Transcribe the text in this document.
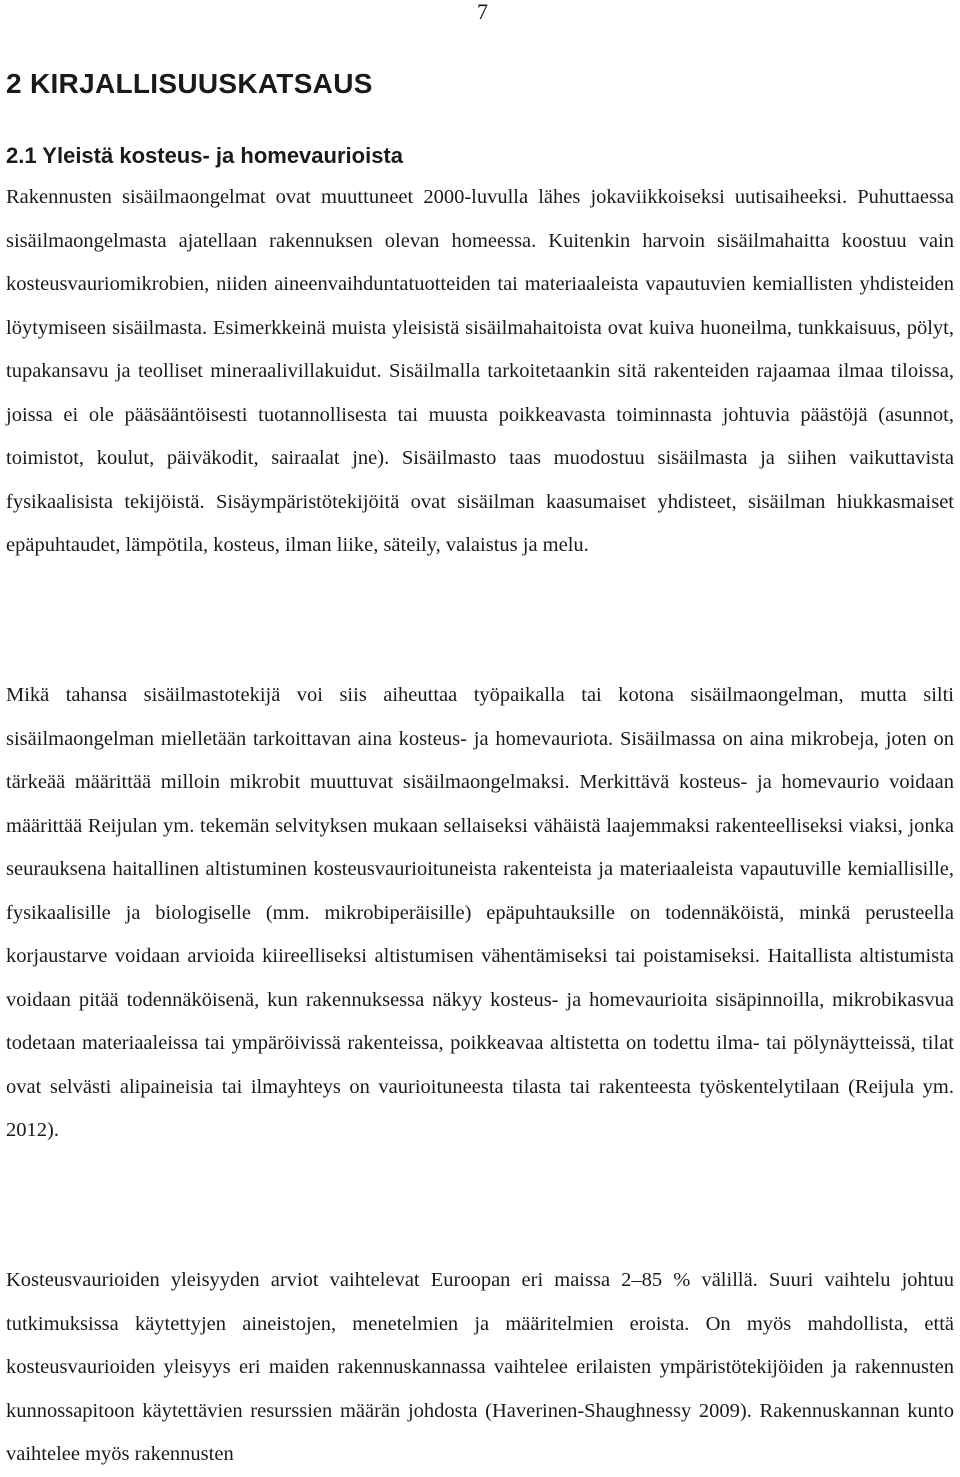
7
2 KIRJALLISUUSKATSAUS
2.1 Yleistä kosteus- ja homevaurioista

Rakennusten sisäilmaongelmat ovat muuttuneet 2000-luvulla lähes jokaviikkoiseksi uutisaiheeksi. Puhuttaessa sisäilmaongelmasta ajatellaan rakennuksen olevan homeessa. Kuitenkin harvoin sisäilmahaitta koostuu vain kosteusvauriomikrobien, niiden aineenvaihduntatuotteiden tai materiaaleista vapautuvien kemiallisten yhdisteiden löytymiseen sisäilmasta. Esimerkkeinä muista yleisistä sisäilmahaitoista ovat kuiva huoneilma, tunkkaisuus, pölyt, tupakansavu ja teolliset mineraalivillakuidut. Sisäilmalla tarkoitetaankin sitä rakenteiden rajaamaa ilmaa tiloissa, joissa ei ole pääsääntöisesti tuotannollisesta tai muusta poikkeavasta toiminnasta johtuvia päästöjä (asunnot, toimistot, koulut, päiväkodit, sairaalat jne). Sisäilmasto taas muodostuu sisäilmasta ja siihen vaikuttavista fysikaalisista tekijöistä. Sisäympäristötekijöitä ovat sisäilman kaasumaiset yhdisteet, sisäilman hiukkasmaiset epäpuhtaudet, lämpötila, kosteus, ilman liike, säteily, valaistus ja melu.

Mikä tahansa sisäilmastotekijä voi siis aiheuttaa työpaikalla tai kotona sisäilmaongelman, mutta silti sisäilmaongelman mielletään tarkoittavan aina kosteus- ja homevauriota. Sisäilmassa on aina mikrobeja, joten on tärkeää määrittää milloin mikrobit muuttuvat sisäilmaongelmaksi. Merkittävä kosteus- ja homevaurio voidaan määrittää Reijulan ym. tekemän selvityksen mukaan sellaiseksi vähäistä laajemmaksi rakenteelliseksi viaksi, jonka seurauksena haitallinen altistuminen kosteusvaurioituneista rakenteista ja materiaaleista vapautuville kemiallisille, fysikaalisille ja biologiselle (mm. mikrobiperäisille) epäpuhtauksille on todennäköistä, minkä perusteella korjaustarve voidaan arvioida kiireelliseksi altistumisen vähentämiseksi tai poistamiseksi. Haitallista altistumista voidaan pitää todennäköisenä, kun rakennuksessa näkyy kosteus- ja homevaurioita sisäpinnoilla, mikrobikasvua todetaan materiaaleissa tai ympäröivissä rakenteissa, poikkeavaa altistetta on todettu ilma- tai pölynäytteissä, tilat ovat selvästi alipaineisia tai ilmayhteys on vaurioituneesta tilasta tai rakenteesta työskentelytilaan (Reijula ym. 2012).

Kosteusvaurioiden yleisyyden arviot vaihtelevat Euroopan eri maissa 2‒85 % välillä. Suuri vaihtelu johtuu tutkimuksissa käytettyjen aineistojen, menetelmien ja määritelmien eroista. On myös mahdollista, että kosteusvaurioiden yleisyys eri maiden rakennuskannassa vaihtelee erilaisten ympäristötekijöiden ja rakennusten kunnossapitoon käytettävien resurssien määrän johdosta (Haverinen-Shaughnessy 2009). Rakennuskannan kunto vaihtelee myös rakennusten
